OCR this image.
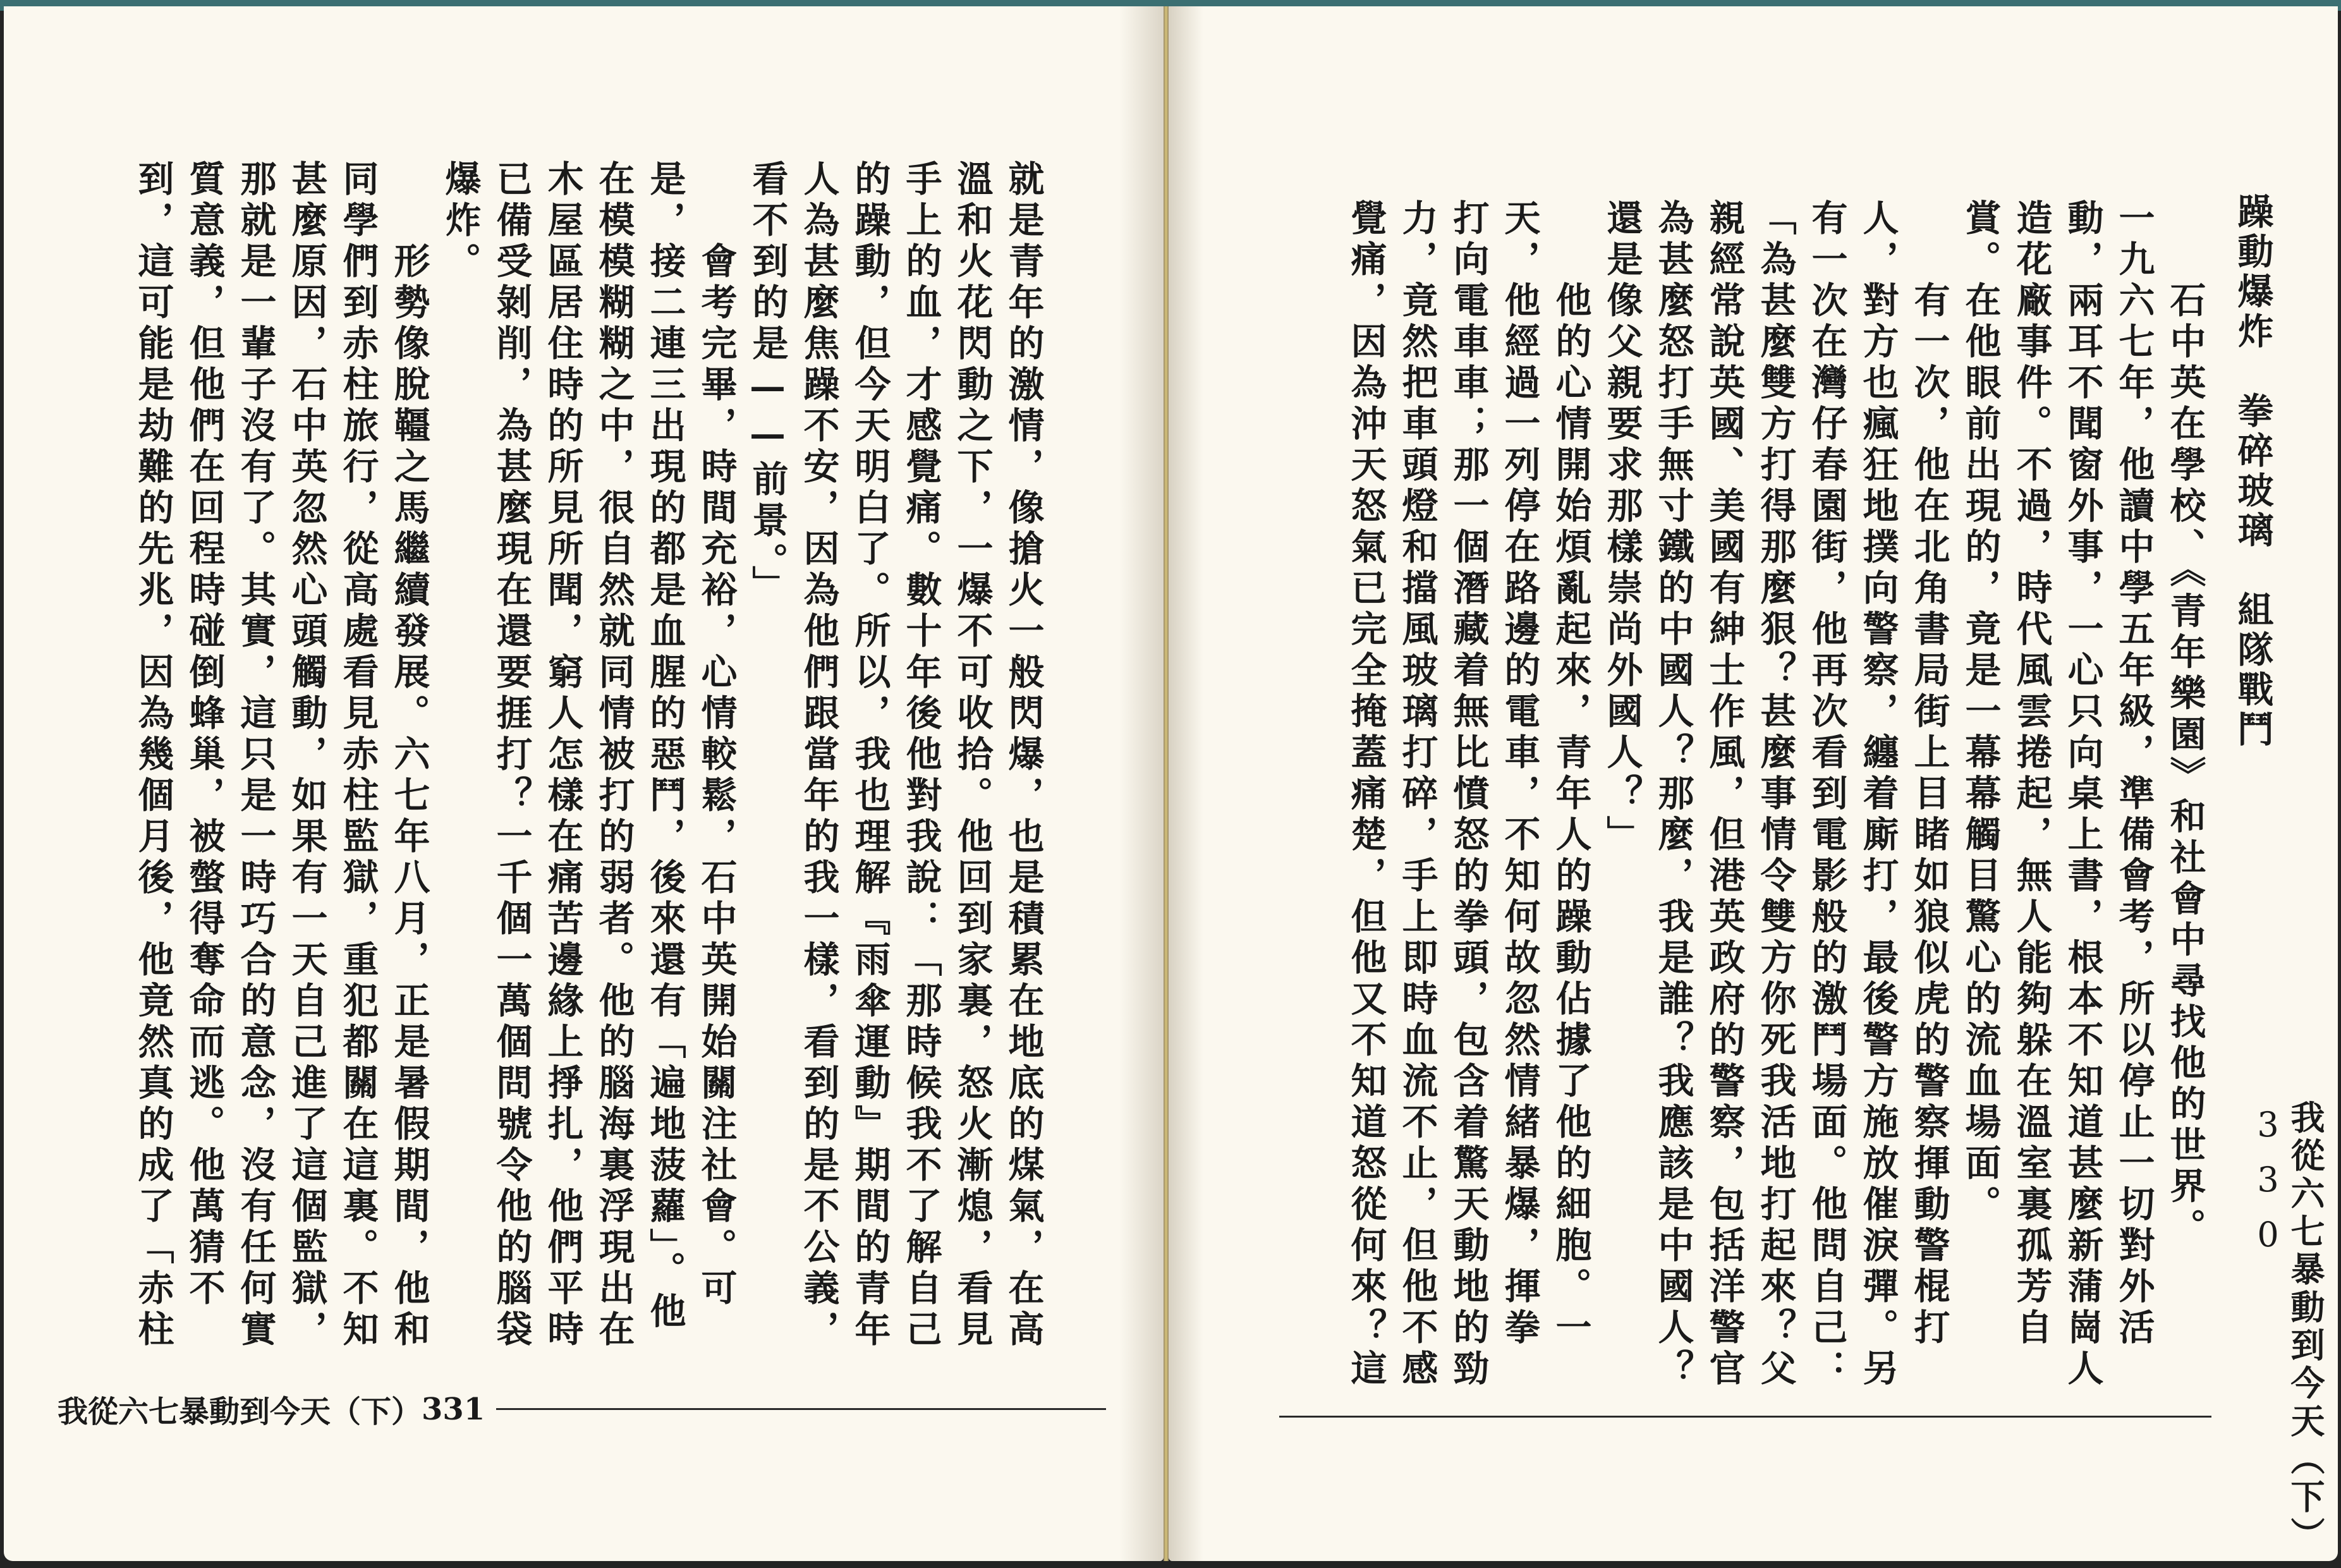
就是青年的激情，像搶火一般閃爆，也是積累在地底的煤氣，在高
溫和火花閃動之下，一爆不可收拾。他回到家裏，怒火漸熄，看見
手上的血，才感覺痛。數十年後他對我說：「那時候我不了解自己
的躁動，但今天明白了。所以，我也理解『雨傘運動』期間的青年
人為甚麼焦躁不安，因為他們跟當年的我一樣，看到的是不公義，
看不到的是——前景。」
　　會考完畢，時間充裕，心情較鬆，石中英開始關注社會。可
是，接二連三出現的都是血腥的惡鬥，後來還有「遍地菠蘿」。他
在模模糊糊之中，很自然就同情被打的弱者。他的腦海裏浮現出在
木屋區居住時的所見所聞，窮人怎樣在痛苦邊緣上掙扎，他們平時
已備受剝削，為甚麼現在還要捱打？一千個一萬個問號令他的腦袋
爆炸。
　　形勢像脫韁之馬繼續發展。六七年八月，正是暑假期間，他和
同學們到赤柱旅行，從高處看見赤柱監獄，重犯都關在這裏。不知
甚麼原因，石中英忽然心頭觸動，如果有一天自己進了這個監獄，
那就是一輩子沒有了。其實，這只是一時巧合的意念，沒有任何實
質意義，但他們在回程時碰倒蜂巢，被螫得奪命而逃。他萬猜不
到，這可能是劫難的先兆，因為幾個月後，他竟然真的成了「赤柱
我從六七暴動到今天（下） 331
躁動爆炸　拳碎玻璃　組隊戰鬥
　　石中英在學校、《青年樂園》和社會中尋找他的世界。
一九六七年，他讀中學五年級，準備會考，所以停止一切對外活
動，兩耳不聞窗外事，一心只向桌上書，根本不知道甚麼新蒲崗人
造花廠事件。不過，時代風雲捲起，無人能夠躲在溫室裏孤芳自
賞。在他眼前出現的，竟是一幕幕觸目驚心的流血場面。
　　有一次，他在北角書局街上目睹如狼似虎的警察揮動警棍打
人，對方也瘋狂地撲向警察，纏着廝打，最後警方施放催淚彈。另
有一次在灣仔春園街，他再次看到電影般的激鬥場面。他問自己：
「為甚麼雙方打得那麼狠？甚麼事情令雙方你死我活地打起來？父
親經常說英國、美國有紳士作風，但港英政府的警察，包括洋警官
為甚麼怒打手無寸鐵的中國人？那麼，我是誰？我應該是中國人？
還是像父親要求那樣崇尚外國人？」
　　他的心情開始煩亂起來，青年人的躁動佔據了他的細胞。一
天，他經過一列停在路邊的電車，不知何故忽然情緒暴爆，揮拳
打向電車車；那一個潛藏着無比憤怒的拳頭，包含着驚天動地的勁
力，竟然把車頭燈和擋風玻璃打碎，手上即時血流不止，但他不感
覺痛，因為沖天怒氣已完全掩蓋痛楚，但他又不知道怒從何來？這	我從六七暴動到今天（下）
330
